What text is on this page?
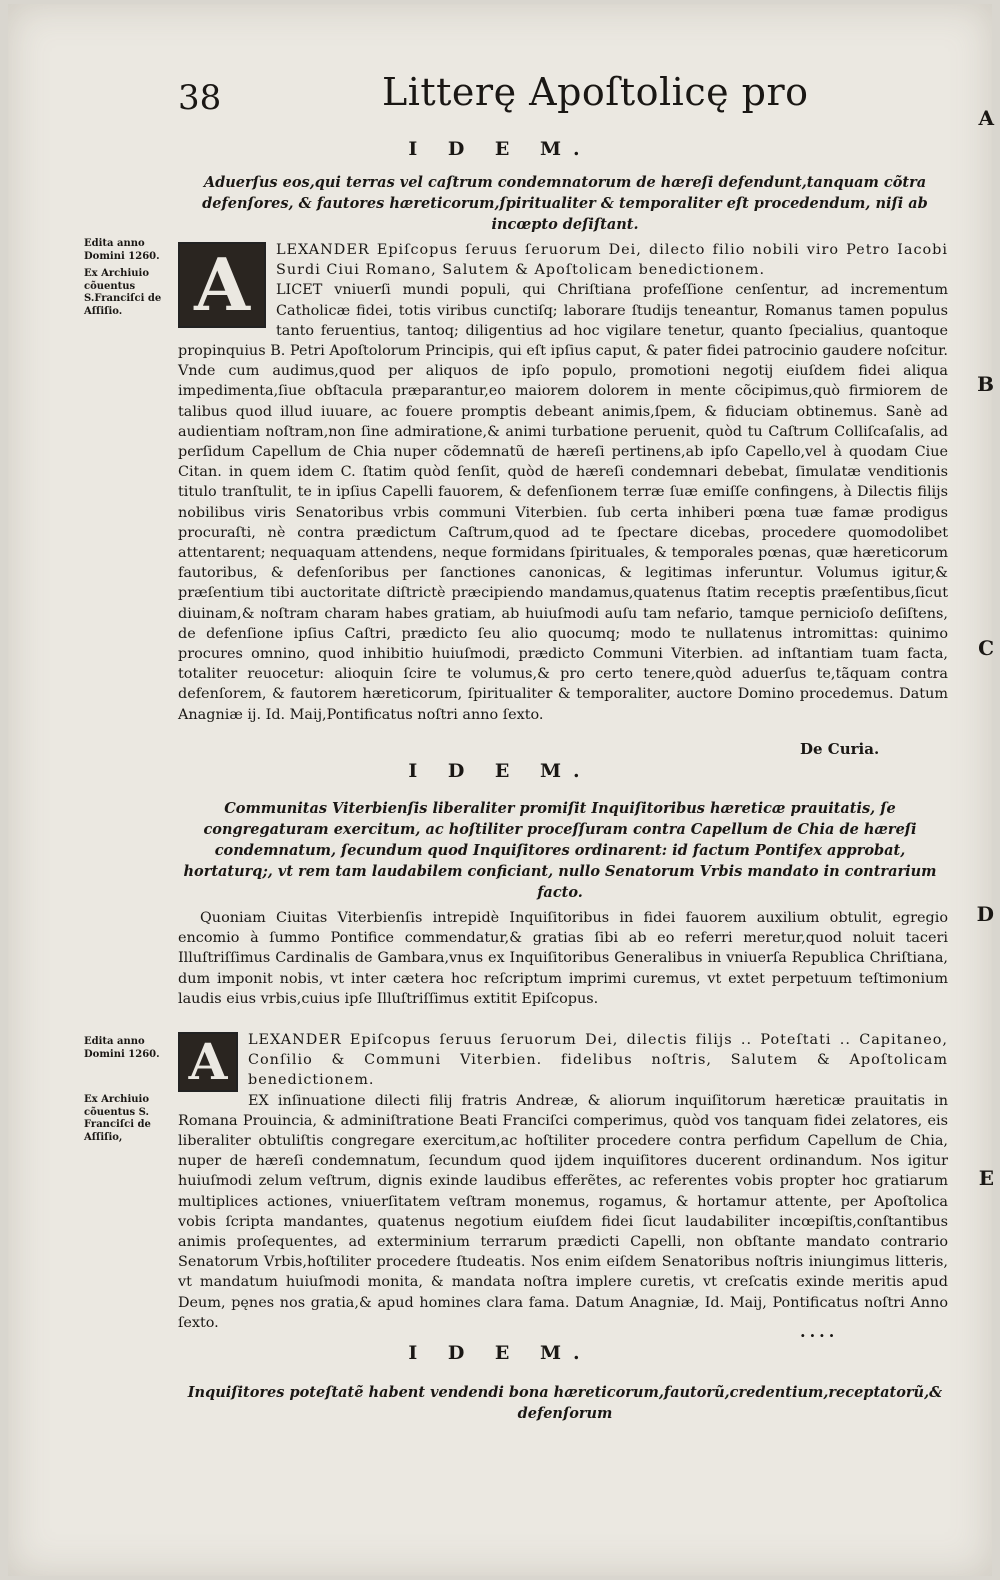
38	Litterę Apoſtolicę pro
A
B
C
D
E
I D E M.
Aduerſus eos,qui terras vel caſtrum condemnatorum de hæreſi defendunt,tanquam cõtra defenſores, & fautores hæreticorum,ſpiritualiter & temporaliter eſt procedendum, niſi ab incœpto deſiſtant.
Edita anno Domini 1260.
Ex Archiuio cõuentus S.Franciſci de Aſſiſio. A	LEXANDER Epiſcopus ſeruus ſeruorum Dei, dilecto filio nobili viro Petro Iacobi Surdi Ciui Romano, Salutem & Apoſtolicam benedictionem.

LICET vniuerſi mundi populi, qui Chriſtiana profeſſione cenſentur, ad incrementum Catholicæ fidei, totis viribus cunctiſq; laborare ſtudijs teneantur, Romanus tamen populus tanto feruentius, tantoq; diligentius ad hoc vigilare tenetur, quanto ſpecialius, quantoque propinquius B. Petri Apoſtolorum Principis, qui eſt ipſius caput, & pater fidei patrocinio gaudere noſcitur. Vnde cum audimus,quod per aliquos de ipſo populo, promotioni negotij eiuſdem fidei aliqua impedimenta,ſiue obſtacula præparantur,eo maiorem dolorem in mente cõcipimus,quò firmiorem de talibus quod illud iuuare, ac fouere promptis debeant animis,ſpem, & fiduciam obtinemus. Sanè ad audientiam noſtram,non ſine admiratione,& animi turbatione peruenit, quòd tu Caſtrum Colliſcaſalis, ad perſidum Capellum de Chia nuper cõdemnatũ de hæreſi pertinens,ab ipſo Capello,vel à quodam Ciue Citan. in quem idem C. ſtatim quòd ſenſit, quòd de hæreſi condemnari debebat, ſimulatæ venditionis titulo tranſtulit, te in ipſius Capelli fauorem, & defenſionem terræ ſuæ emiſſe confingens, à Dilectis filijs nobilibus viris Senatoribus vrbis communi Viterbien. ſub certa inhiberi pœna tuæ famæ prodigus procuraſti, nè contra prædictum Caſtrum,quod ad te ſpectare dicebas, procedere quomodolibet attentarent; nequaquam attendens, neque formidans ſpirituales, & temporales pœnas, quæ hæreticorum fautoribus, & defenſoribus per ſanctiones canonicas, & legitimas inferuntur. Volumus igitur,& præſentium tibi auctoritate diſtrictè præcipiendo mandamus,quatenus ſtatim receptis præſentibus,ſicut diuinam,& noſtram charam habes gratiam, ab huiuſmodi auſu tam nefario, tamque pernicioſo deſiſtens, de defenſione ipſius Caſtri, prædicto ſeu alio quocumq; modo te nullatenus intromittas: quinimo procures omnino, quod inhibitio huiuſmodi, prædicto Communi Viterbien. ad inſtantiam tuam facta, totaliter reuocetur: alioquin ſcire te volumus,& pro certo tenere,quòd aduerſus te,tãquam contra defenſorem, & fautorem hæreticorum, ſpiritualiter & temporaliter, auctore Domino procedemus. Datum Anagniæ ij. Id. Maij,Pontificatus noſtri anno ſexto.

De Curia.
I D E M.
Communitas Viterbienſis liberaliter promiſit Inquiſitoribus hæreticæ prauitatis, ſe congregaturam exercitum, ac hoſtiliter proceſſuram contra Capellum de Chia de hæreſi condemnatum, ſecundum quod Inquiſitores ordinarent: id factum Pontifex approbat, hortaturq;, vt rem tam laudabilem conficiant, nullo Senatorum Vrbis mandato in contrarium facto.

Quoniam Ciuitas Viterbienſis intrepidè Inquiſitoribus in fidei fauorem auxilium obtulit, egregio encomio à ſummo Pontifice commendatur,& gratias ſibi ab eo referri meretur,quod noluit taceri Illuſtriſſimus Cardinalis de Gambara,vnus ex Inquiſitoribus Generalibus in vniuerſa Republica Chriſtiana, dum imponit nobis, vt inter cætera hoc reſcriptum imprimi curemus, vt extet perpetuum teſtimonium laudis eius vrbis,cuius ipſe Illuſtriſſimus extitit Epiſcopus.

Edita anno Domini 1260.
Ex Archiuio cõuentus S. Franciſci de Aſſiſio,
A	LEXANDER Epiſcopus ſeruus ſeruorum Dei, dilectis filijs .. Poteſtati .. Capitaneo, Conſilio & Communi Viterbien. fidelibus noſtris, Salutem & Apoſtolicam benedictionem.

EX inſinuatione dilecti filij fratris Andreæ, & aliorum inquiſitorum hæreticæ prauitatis in Romana Prouincia, & adminiſtratione Beati Franciſci comperimus, quòd vos tanquam fidei zelatores, eis liberaliter obtuliſtis congregare exercitum,ac hoſtiliter procedere contra perfidum Capellum de Chia, nuper de hæreſi condemnatum, ſecundum quod ijdem inquiſitores ducerent ordinandum. Nos igitur huiuſmodi zelum veſtrum, dignis exinde laudibus efferẽtes, ac referentes vobis propter hoc gratiarum multiplices actiones, vniuerſitatem veſtram monemus, rogamus, & hortamur attente, per Apoſtolica vobis ſcripta mandantes, quatenus negotium eiuſdem fidei ſicut laudabiliter incœpiſtis,conſtantibus animis proſequentes, ad exterminium terrarum prædicti Capelli, non obſtante mandato contrario Senatorum Vrbis,hoſtiliter procedere ſtudeatis. Nos enim eiſdem Senatoribus noſtris iniungimus litteris, vt mandatum huiuſmodi monita, & mandata noſtra implere curetis, vt creſcatis exinde meritis apud Deum, pęnes nos gratia,& apud homines clara fama. Datum Anagniæ, Id. Maij, Pontificatus noſtri Anno ſexto.	....
I D E M.
Inquiſitores poteſtatẽ habent vendendi bona hæreticorum,fautorũ,credentium,receptatorũ,& defenſorum
